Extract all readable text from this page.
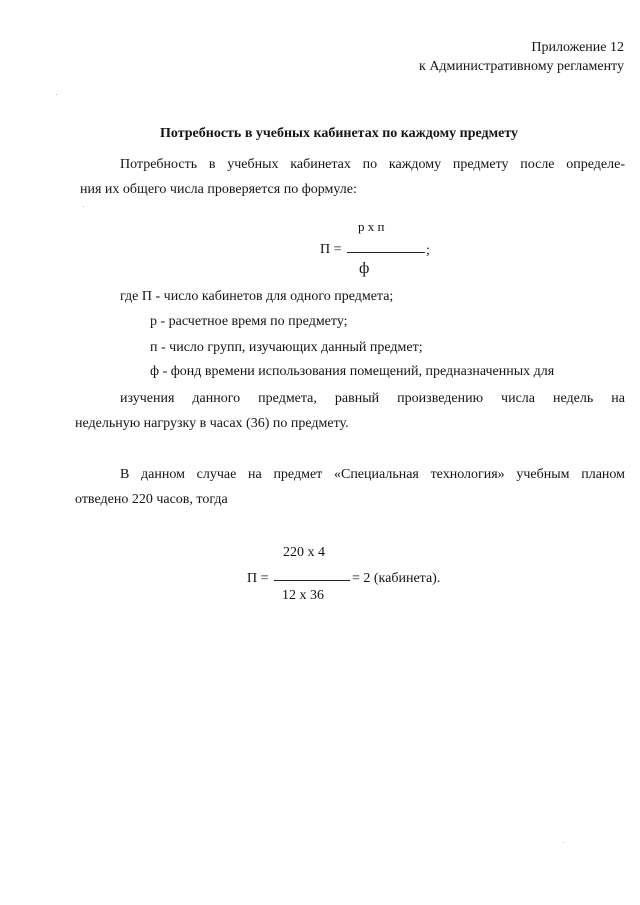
Приложение 12
к Административному регламенту
Потребность в учебных кабинетах по каждому предмету
Потребность в учебных кабинетах по каждому предмету после определе-
ния их общего числа проверяется по формуле:
р х п
П =	;
ф
где П - число кабинетов для одного предмета;
р - расчетное время по предмету;
п - число групп, изучающих данный предмет;
ф - фонд времени использования помещений, предназначенных для
изучения данного предмета, равный произведению числа недель на
недельную нагрузку в часах (36) по предмету.
В данном случае на предмет «Специальная технология» учебным планом
отведено 220 часов, тогда
220 х 4
П =	= 2 (кабинета).
12 х 36
